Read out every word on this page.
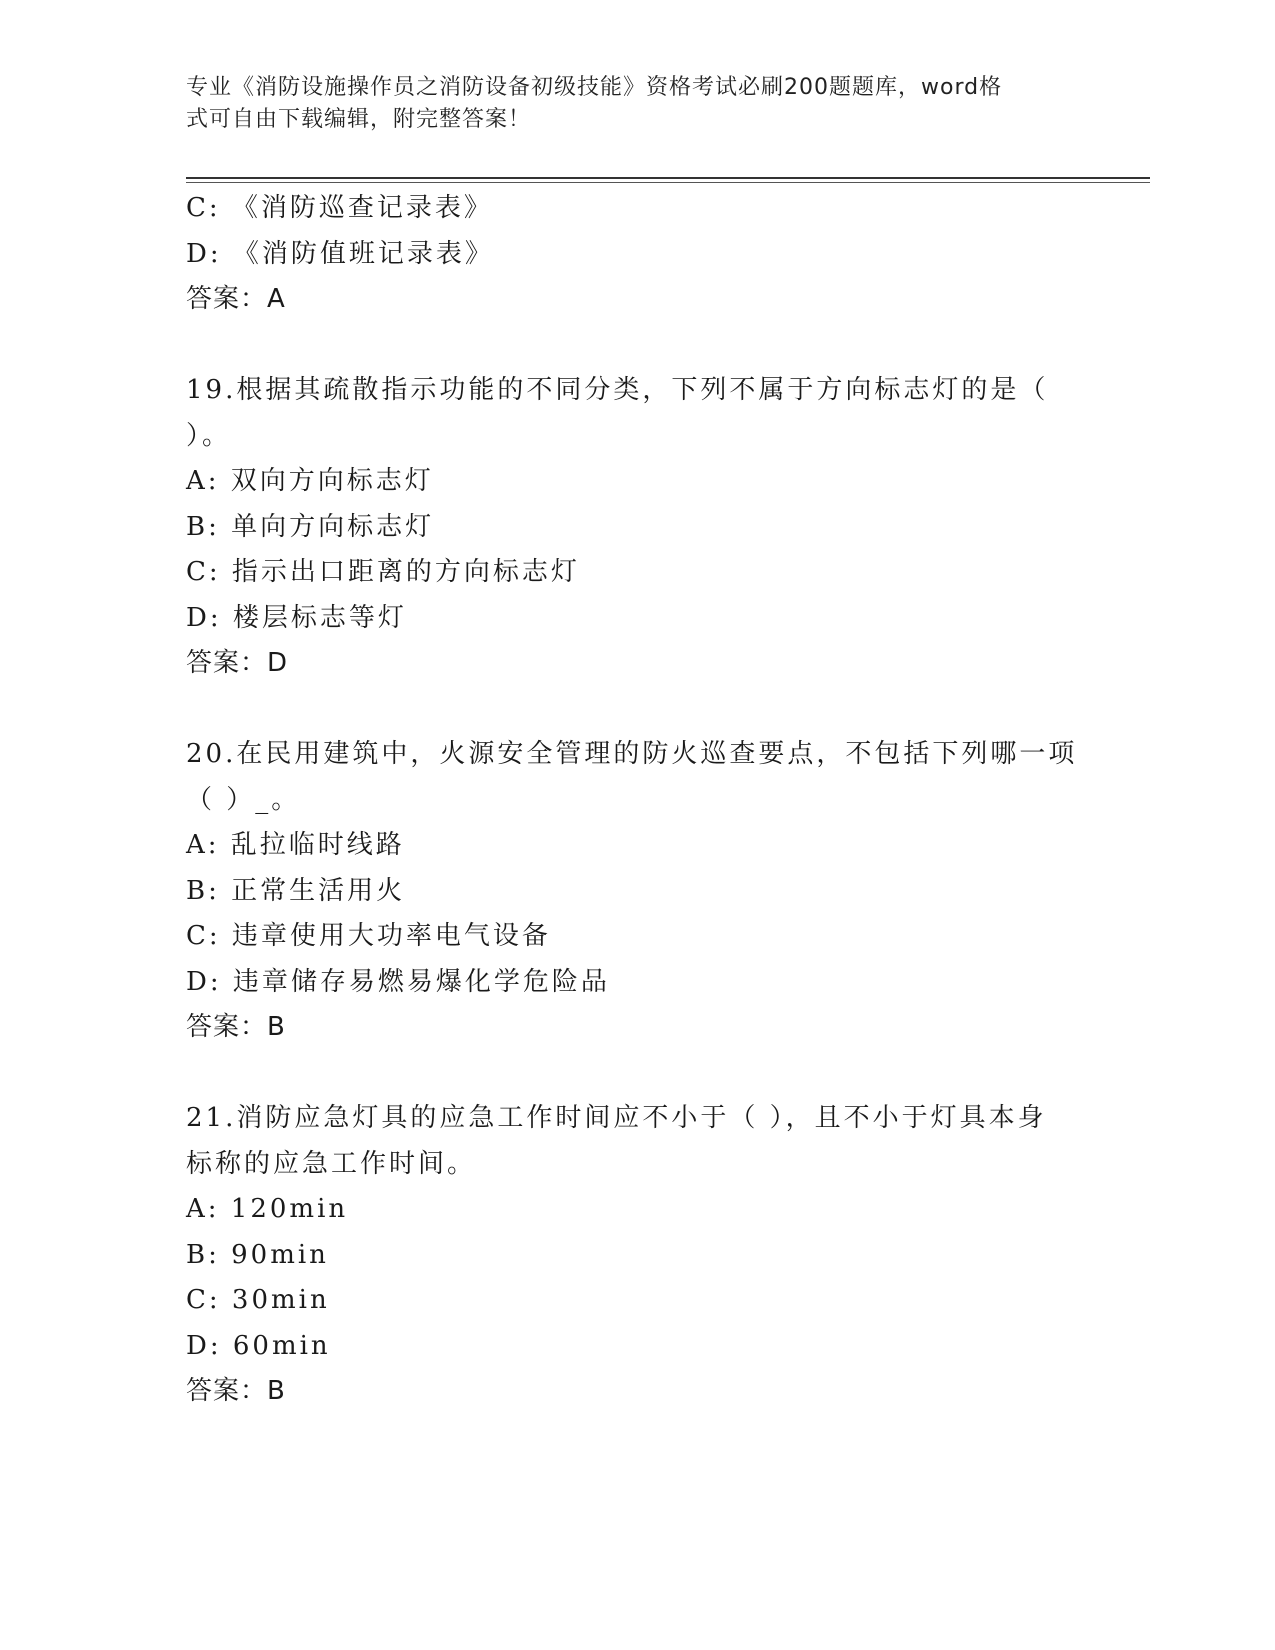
专业《消防设施操作员之消防设备初级技能》资格考试必刷200题题库，word格
式可自由下载编辑，附完整答案！
C: 《消防巡查记录表》
D: 《消防值班记录表》
答案：A
19.根据其疏散指示功能的不同分类，下列不属于方向标志灯的是（
）。
A: 双向方向标志灯
B: 单向方向标志灯
C: 指示出口距离的方向标志灯
D: 楼层标志等灯
答案：D
20.在民用建筑中，火源安全管理的防火巡查要点，不包括下列哪一项
（ ）_。
A: 乱拉临时线路
B: 正常生活用火
C: 违章使用大功率电气设备
D: 违章储存易燃易爆化学危险品
答案：B
21.消防应急灯具的应急工作时间应不小于（ ），且不小于灯具本身
标称的应急工作时间。
A: 120min
B: 90min
C: 30min
D: 60min
答案：B
